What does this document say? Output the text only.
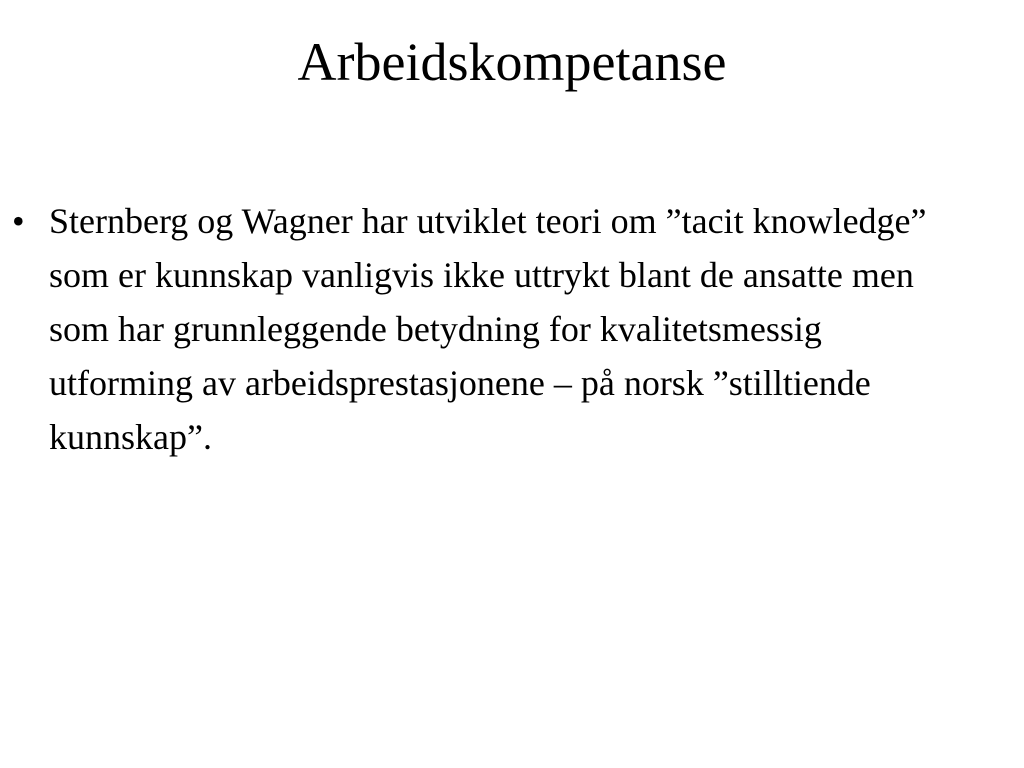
Arbeidskompetanse
• Sternberg og Wagner har utviklet teori om ”tacit knowledge” som er kunnskap vanligvis ikke uttrykt blant de ansatte men som har grunnleggende betydning for kvalitetsmessig utforming av arbeidsprestasjonene – på norsk ”stilltiende kunnskap”.
